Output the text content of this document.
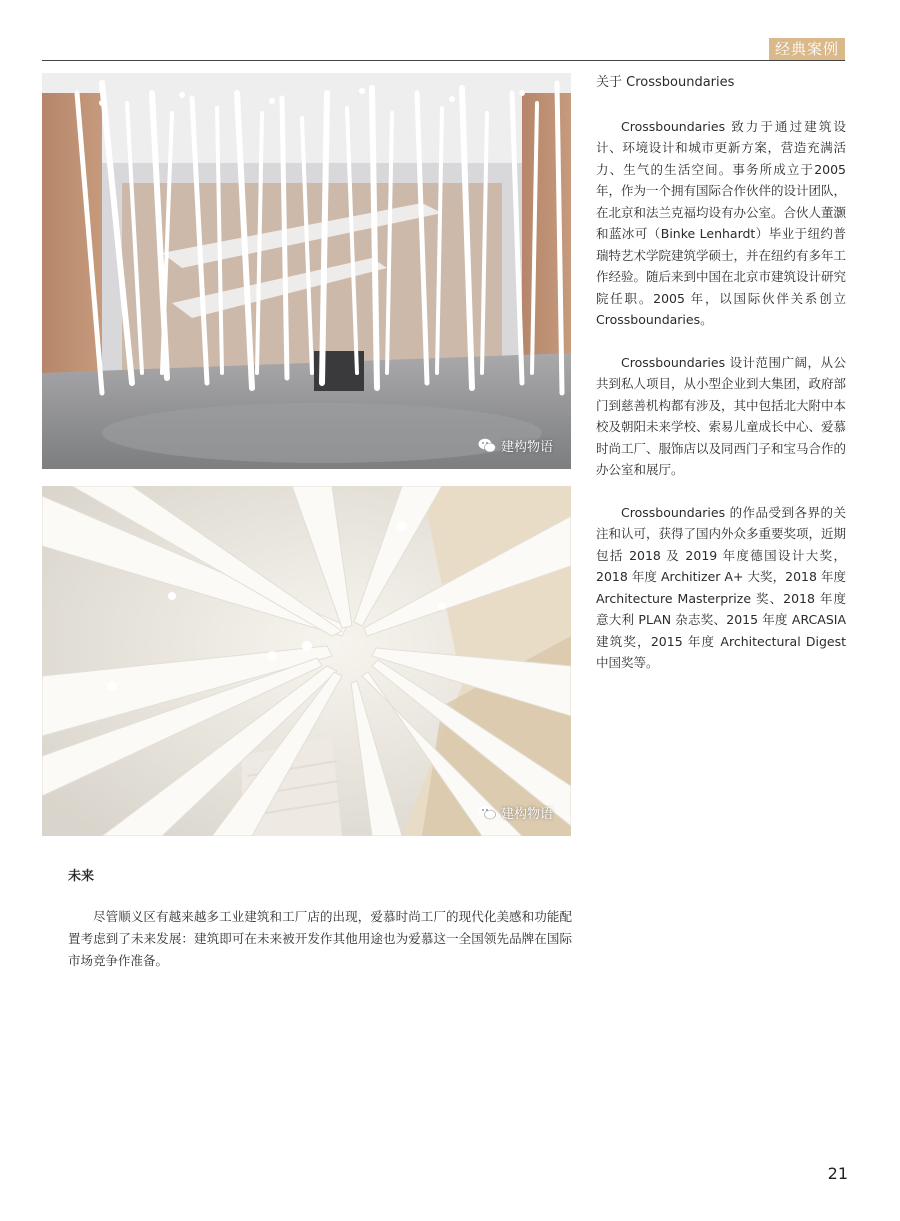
经典案例
建构物语
建构物语
关于 Crossboundaries

Crossboundaries 致力于通过建筑设计、环境设计和城市更新方案，营造充满活力、生气的生活空间。事务所成立于2005年，作为一个拥有国际合作伙伴的设计团队，在北京和法兰克福均设有办公室。合伙人董灏和蓝冰可（Binke Lenhardt）毕业于纽约普瑞特艺术学院建筑学硕士，并在纽约有多年工作经验。随后来到中国在北京市建筑设计研究院任职。2005 年，以国际伙伴关系创立 Crossboundaries。

Crossboundaries 设计范围广阔，从公共到私人项目，从小型企业到大集团，政府部门到慈善机构都有涉及，其中包括北大附中本校及朝阳未来学校、索易儿童成长中心、爱慕时尚工厂、服饰店以及同西门子和宝马合作的办公室和展厅。

Crossboundaries 的作品受到各界的关注和认可，获得了国内外众多重要奖项，近期包括 2018 及 2019 年度德国设计大奖，2018 年度 Architizer A+ 大奖，2018 年度 Architecture Masterprize 奖、2018 年度意大利 PLAN 杂志奖、2015 年度 ARCASIA 建筑奖，2015 年度 Architectural Digest 中国奖等。

未来

尽管顺义区有越来越多工业建筑和工厂店的出现，爱慕时尚工厂的现代化美感和功能配置考虑到了未来发展：建筑即可在未来被开发作其他用途也为爱慕这一全国领先品牌在国际市场竞争作准备。

21
